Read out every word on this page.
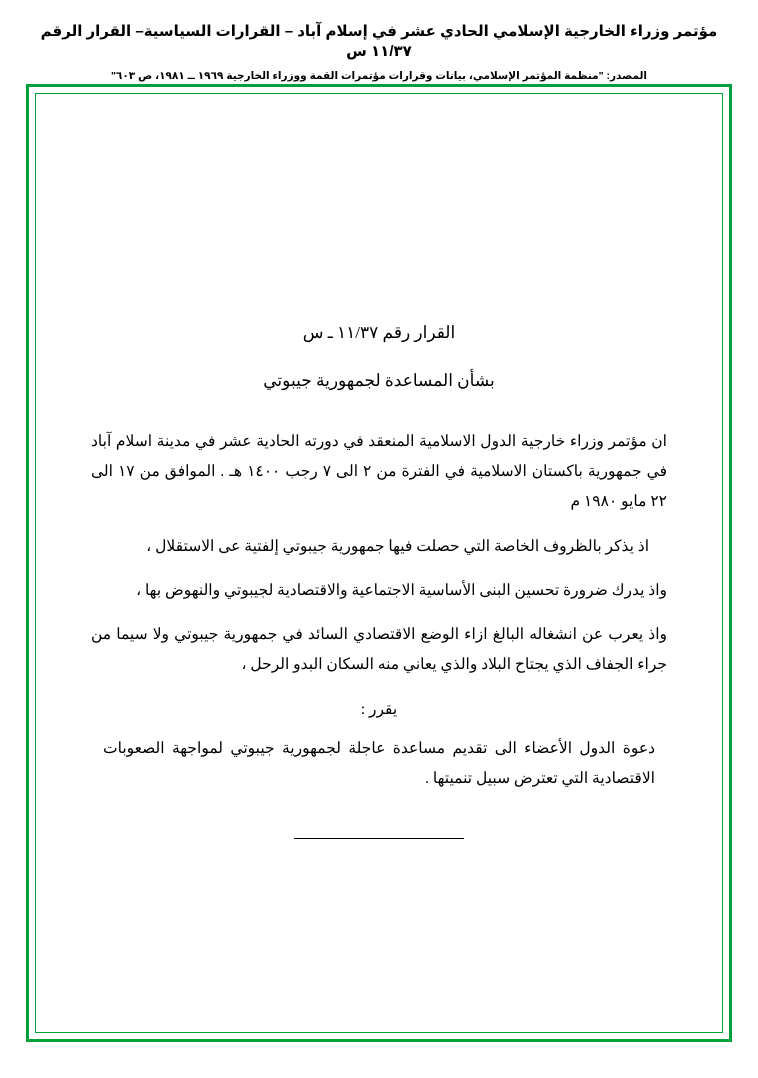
مؤتمر وزراء الخارجية الإسلامي الحادي عشر في إسلام آباد – القرارات السياسية– القرار الرقم ١١/٣٧ س
المصدر: "منظمة المؤتمر الإسلامي، بيانات وقرارات مؤتمرات القمة ووزراء الخارجية ١٩٦٩ ــ ١٩٨١، ص ٦٠٣"
القرار رقم ١١/٣٧ ـ س
بشأن المساعدة لجمهورية جيبوتي

ان مؤتمر وزراء خارجية الدول الاسلامية المنعقد في دورته الحادية عشر في مدينة اسلام آباد في جمهورية باكستان الاسلامية في الفترة من ٢ الى ٧ رجب ١٤٠٠ هـ . الموافق من ١٧ الى ٢٢ مايو ١٩٨٠ م

اذ يذكر بالظروف الخاصة التي حصلت فيها جمهورية جيبوتي إلفتية عى الاستقلال ،

واذ يدرك ضرورة تحسين البنى الأساسية الاجتماعية والاقتصادية لجيبوتي والنهوض بها ،

واذ يعرب عن انشغاله البالغ ازاء الوضع الاقتصادي السائد في جمهورية جيبوتي ولا سيما من جراء الجفاف الذي يجتاح البلاد والذي يعاني منه السكان البدو الرحل ،

يقرر :

دعوة الدول الأعضاء الى تقديم مساعدة عاجلة لجمهورية جيبوتي لمواجهة الصعوبات الاقتصادية التي تعترض سبيل تنميتها .
